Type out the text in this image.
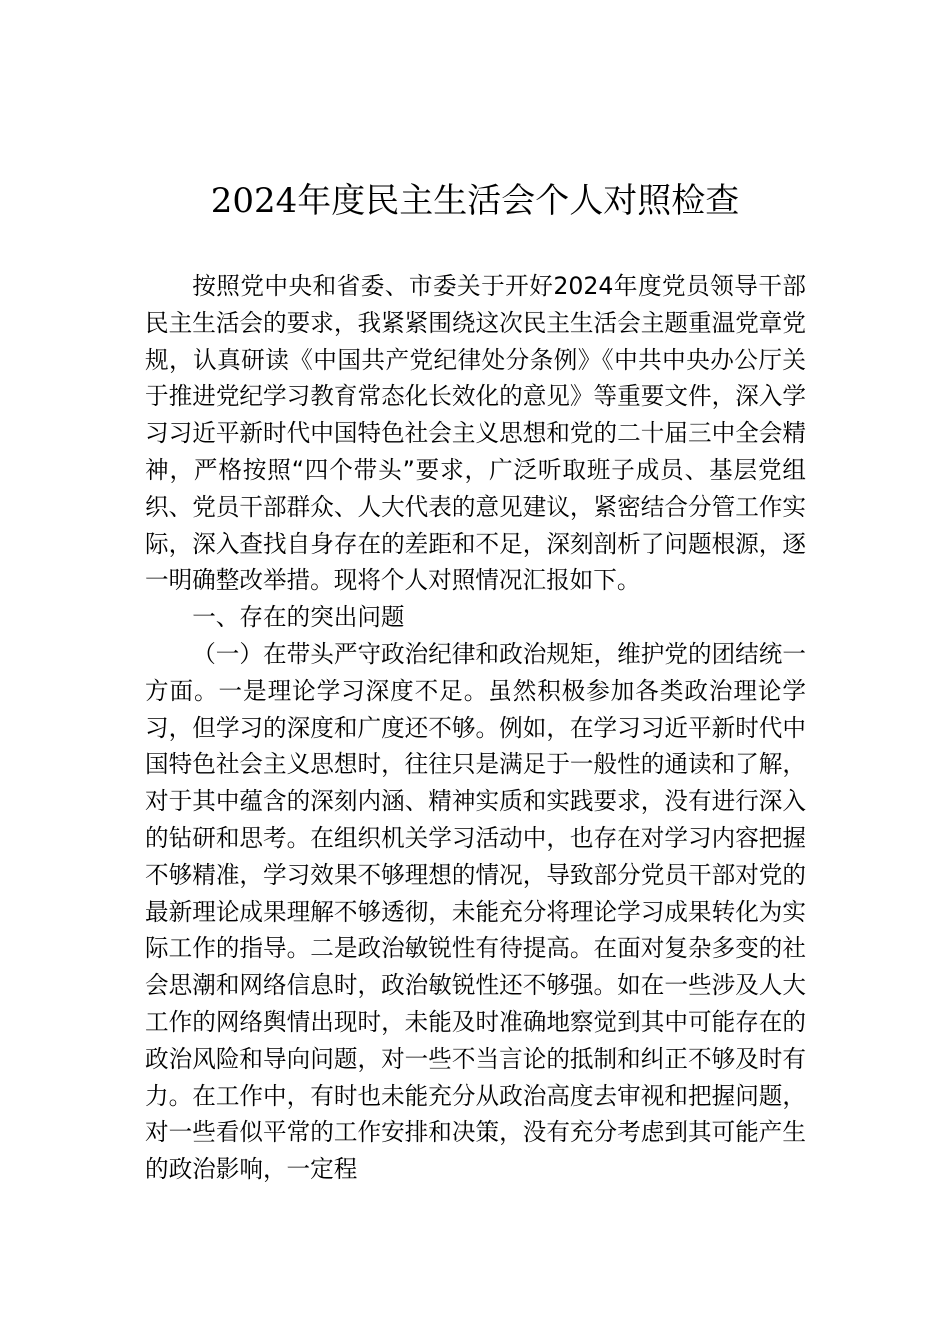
2024年度民主生活会个人对照检查

按照党中央和省委、市委关于开好2024年度党员领导干部民主生活会的要求，我紧紧围绕这次民主生活会主题重温党章党规，认真研读《中国共产党纪律处分条例》《中共中央办公厅关于推进党纪学习教育常态化长效化的意见》等重要文件，深入学习习近平新时代中国特色社会主义思想和党的二十届三中全会精神，严格按照“四个带头”要求，广泛听取班子成员、基层党组织、党员干部群众、人大代表的意见建议，紧密结合分管工作实际，深入查找自身存在的差距和不足，深刻剖析了问题根源，逐一明确整改举措。现将个人对照情况汇报如下。

一、存在的突出问题

（一）在带头严守政治纪律和政治规矩，维护党的团结统一方面。一是理论学习深度不足。虽然积极参加各类政治理论学习，但学习的深度和广度还不够。例如，在学习习近平新时代中国特色社会主义思想时，往往只是满足于一般性的通读和了解，对于其中蕴含的深刻内涵、精神实质和实践要求，没有进行深入的钻研和思考。在组织机关学习活动中，也存在对学习内容把握不够精准，学习效果不够理想的情况，导致部分党员干部对党的最新理论成果理解不够透彻，未能充分将理论学习成果转化为实际工作的指导。二是政治敏锐性有待提高。在面对复杂多变的社会思潮和网络信息时，政治敏锐性还不够强。如在一些涉及人大工作的网络舆情出现时，未能及时准确地察觉到其中可能存在的政治风险和导向问题，对一些不当言论的抵制和纠正不够及时有力。在工作中，有时也未能充分从政治高度去审视和把握问题，对一些看似平常的工作安排和决策，没有充分考虑到其可能产生的政治影响，一定程
